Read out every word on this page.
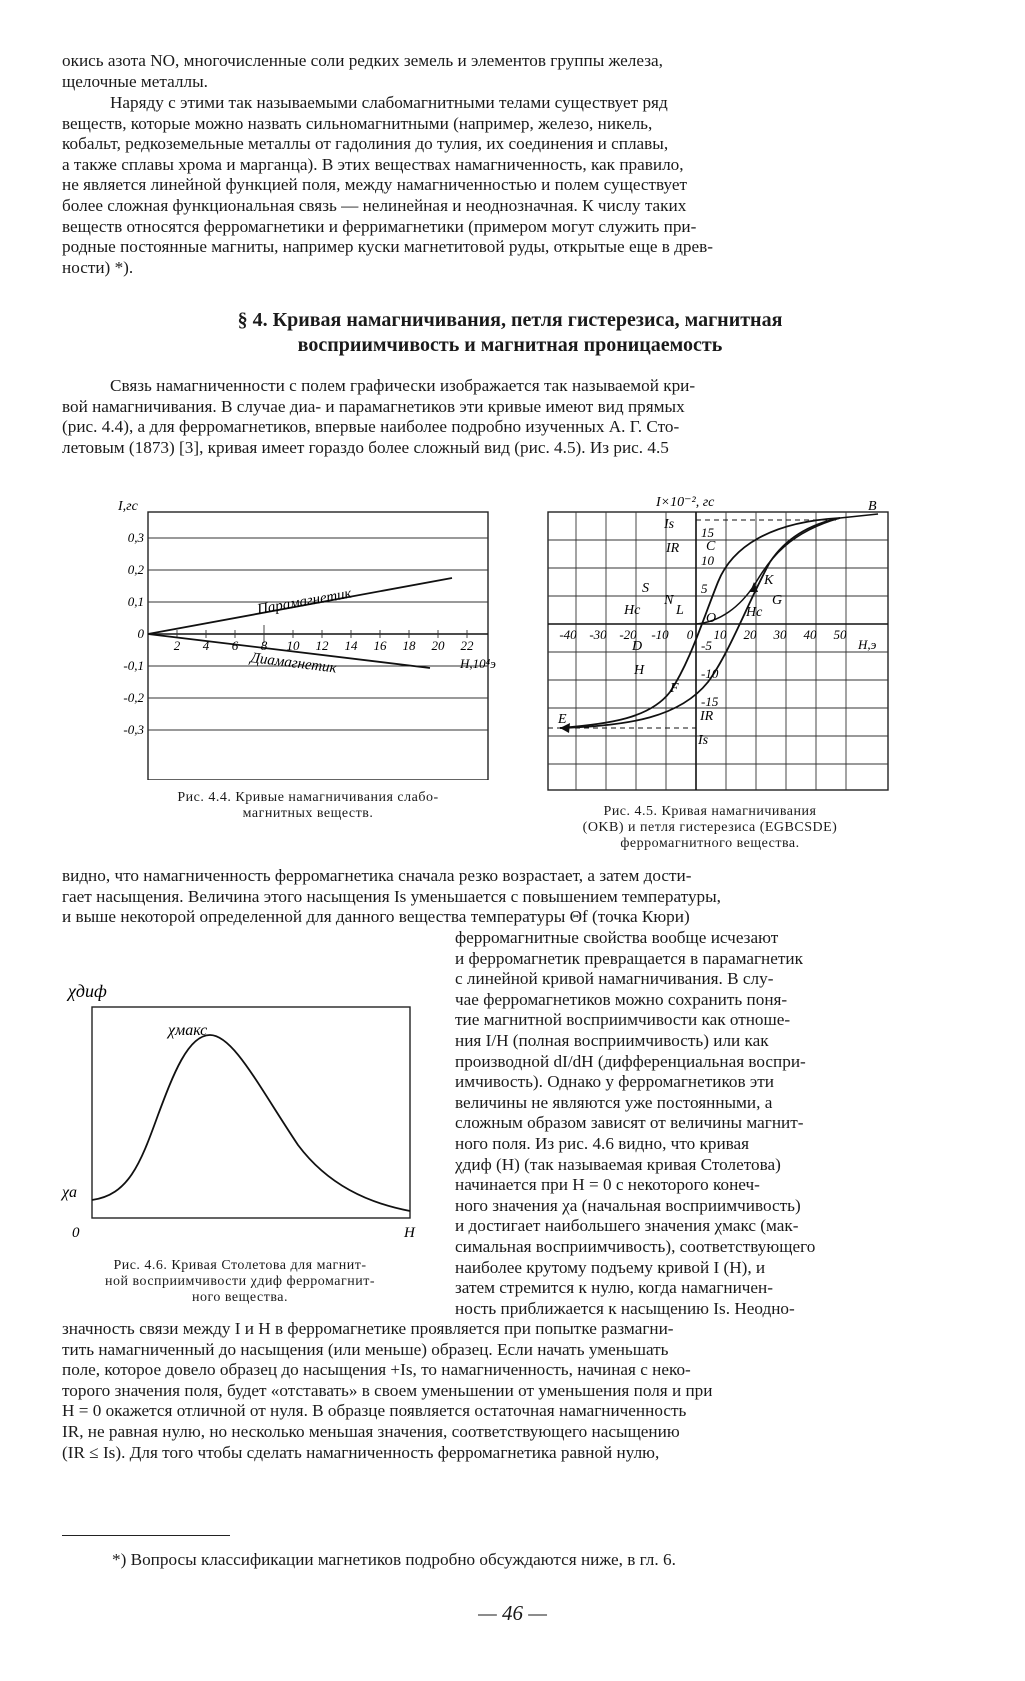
окись азота NO, многочисленные соли редких земель и элементов группы железа,
щелочные металлы.
Наряду с этими так называемыми слабомагнитными телами существует ряд
веществ, которые можно назвать сильномагнитными (например, железо, никель,
кобальт, редкоземельные металлы от гадолиния до тулия, их соединения и сплавы,
а также сплавы хрома и марганца). В этих веществах намагниченность, как правило,
не является линейной функцией поля, между намагниченностью и полем существует
более сложная функциональная связь — нелинейная и неоднозначная. К числу таких
веществ относятся ферромагнетики и ферримагнетики (примером могут служить при-
родные постоянные магниты, например куски магнетитовой руды, открытые еще в древ-
ности) *).
§ 4. Кривая намагничивания, петля гистерезиса, магнитная
восприимчивость и магнитная проницаемость
Связь намагниченности с полем графически изображается так называемой кри-
вой намагничивания. В случае диа- и парамагнетиков эти кривые имеют вид прямых
(рис. 4.4), а для ферромагнетиков, впервые наиболее подробно изученных А. Г. Сто-
летовым (1873) [3], кривая имеет гораздо более сложный вид (рис. 4.5). Из рис. 4.5
I,гс
0,3
0,2
0,1
0
-0,1
-0,2
-0,3
2 4 6 8 10 12 14 16 18 20 22
H,10⁴э
Парамагнетик
Диамагнетик
Рис. 4.4. Кривые намагничивания слабо-
магнитных веществ.
I×10⁻², гс
H,э
-40 -30 -20 -10 0 10 20 30 40 50
15
10
5
-5
-10
-15
B
C
S
N
L
K
G
D
H
F
E
O
Is
IR
IR
Is
Hc	Hc
Рис. 4.5. Кривая намагничивания
(OKB) и петля гистерезиса (EGBCSDE)
ферромагнитного вещества.
видно, что намагниченность ферромагнетика сначала резко возрастает, а затем дости-
гает насыщения. Величина этого насыщения Is уменьшается с повышением температуры,
и выше некоторой определенной для данного вещества температуры Θf (точка Кюри)
ферромагнитные свойства вообще исчезают
и ферромагнетик превращается в парамагнетик
с линейной кривой намагничивания. В слу-
чае ферромагнетиков можно сохранить поня-
тие магнитной восприимчивости как отноше-
ния I/H (полная восприимчивость) или как
производной dI/dH (дифференциальная воспри-
имчивость). Однако у ферромагнетиков эти
величины не являются уже постоянными, а
сложным образом зависят от величины магнит-
ного поля. Из рис. 4.6 видно, что кривая
χдиф (H) (так называемая кривая Столетова)
начинается при H = 0 с некоторого конеч-
ного значения χa (начальная восприимчивость)
и достигает наибольшего значения χмакс (мак-
симальная восприимчивость), соответствующего
наиболее крутому подъему кривой I (H), и
затем стремится к нулю, когда намагничен-
ность приближается к насыщению Is. Неодно-
χдиф
0	H
χмакс
χa
Рис. 4.6. Кривая Столетова для магнит-
ной восприимчивости χдиф ферромагнит-
ного вещества.
значность связи между I и H в ферромагнетике проявляется при попытке размагни-
тить намагниченный до насыщения (или меньше) образец. Если начать уменьшать
поле, которое довело образец до насыщения +Is, то намагниченность, начиная с неко-
торого значения поля, будет «отставать» в своем уменьшении от уменьшения поля и при
H = 0 окажется отличной от нуля. В образце появляется остаточная намагниченность
IR, не равная нулю, но несколько меньшая значения, соответствующего насыщению
(IR ≤ Is). Для того чтобы сделать намагниченность ферромагнетика равной нулю,

*) Вопросы классификации магнетиков подробно обсуждаются ниже, в гл. 6.

— 46 —
